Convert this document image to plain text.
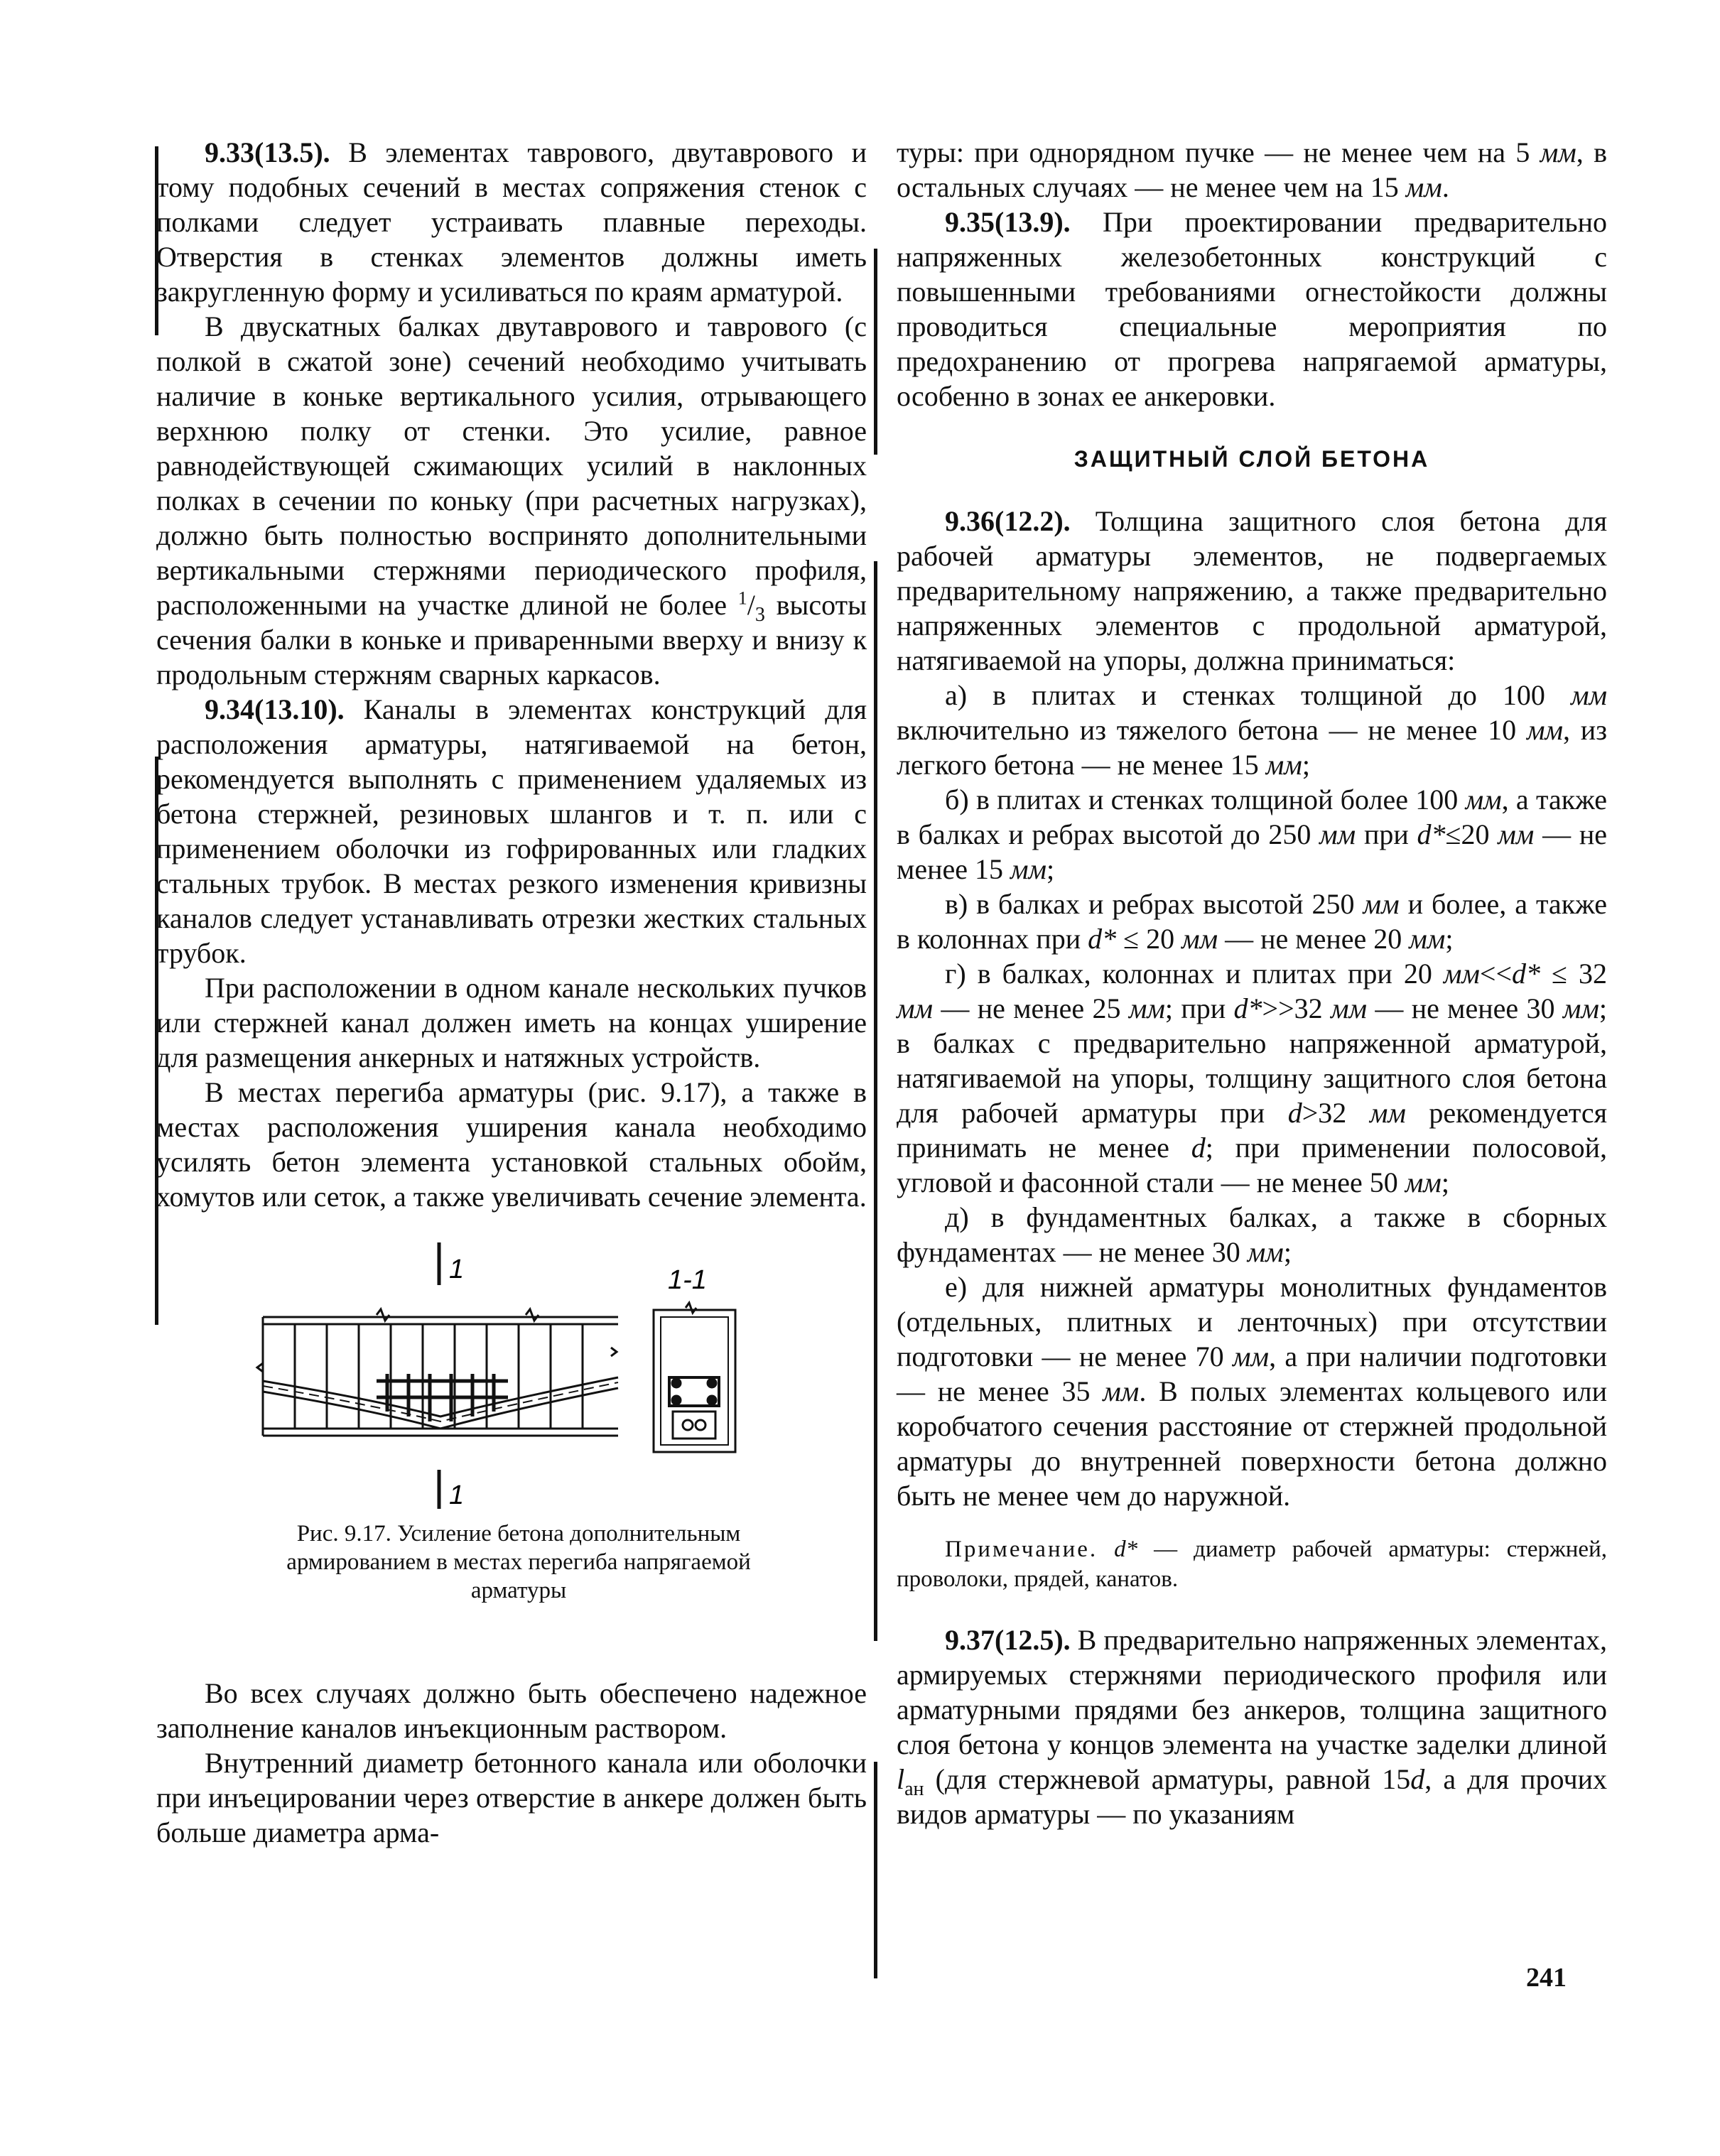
9.33(13.5). В элементах таврового, двутаврового и тому подобных сечений в местах сопряжения стенок с полками следует устраивать плавные переходы. Отверстия в стенках элементов должны иметь закругленную форму и усиливаться по краям арматурой.

В двускатных балках двутаврового и таврового (с полкой в сжатой зоне) сечений необходимо учитывать наличие в коньке вертикального усилия, отрывающего верхнюю полку от стенки. Это усилие, равное равнодействующей сжимающих усилий в наклонных полках в сечении по коньку (при расчетных нагрузках), должно быть полностью воспринято дополнительными вертикальными стержнями периодического профиля, расположенными на участке длиной не более $^1/_3$ высоты сечения балки в коньке и приваренными вверху и внизу к продольным стержням сварных каркасов.

9.34(13.10). Каналы в элементах конструкций для расположения арматуры, натягиваемой на бетон, рекомендуется выполнять с применением удаляемых из бетона стержней, резиновых шлангов и т. п. или с применением оболочки из гофрированных или гладких стальных трубок. В местах резкого изменения кривизны каналов следует устанавливать отрезки жестких стальных трубок.

При расположении в одном канале нескольких пучков или стержней канал должен иметь на концах уширение для размещения анкерных и натяжных устройств.

В местах перегиба арматуры (рис. 9.17), а также в местах расположения уширения канала необходимо усилять бетон элемента установкой стальных обойм, хомутов или сеток, а также увеличивать сечение элемента.

1
1
1-1
Рис. 9.17. Усиление бетона дополнительным армированием в местах перегиба напрягаемой арматуры

Во всех случаях должно быть обеспечено надежное заполнение каналов инъекционным раствором.

Внутренний диаметр бетонного канала или оболочки при инъецировании через отверстие в анкере должен быть больше диаметра арма-

туры: при однорядном пучке — не менее чем на 5 мм, в остальных случаях — не менее чем на 15 мм.

9.35(13.9). При проектировании предварительно напряженных железобетонных конструкций с повышенными требованиями огнестойкости должны проводиться специальные мероприятия по предохранению от прогрева напрягаемой арматуры, особенно в зонах ее анкеровки.

ЗАЩИТНЫЙ СЛОЙ БЕТОНА

9.36(12.2). Толщина защитного слоя бетона для рабочей арматуры элементов, не подвергаемых предварительному напряжению, а также предварительно напряженных элементов с продольной арматурой, натягиваемой на упоры, должна приниматься:

а) в плитах и стенках толщиной до 100 мм включительно из тяжелого бетона — не менее 10 мм, из легкого бетона — не менее 15 мм;

б) в плитах и стенках толщиной более 100 мм, а также в балках и ребрах высотой до 250 мм при d*≤20 мм — не менее 15 мм;

в) в балках и ребрах высотой 250 мм и более, а также в колоннах при d* ≤ 20 мм — не менее 20 мм;

г) в балках, колоннах и плитах при 20 мм<<d* ≤ 32 мм — не менее 25 мм; при d*>>32 мм — не менее 30 мм; в балках с предварительно напряженной арматурой, натягиваемой на упоры, толщину защитного слоя бетона для рабочей арматуры при d>32 мм рекомендуется принимать не менее d; при применении полосовой, угловой и фасонной стали — не менее 50 мм;

д) в фундаментных балках, а также в сборных фундаментах — не менее 30 мм;

е) для нижней арматуры монолитных фундаментов (отдельных, плитных и ленточных) при отсутствии подготовки — не менее 70 мм, а при наличии подготовки — не менее 35 мм. В полых элементах кольцевого или коробчатого сечения расстояние от стержней продольной арматуры до внутренней поверхности бетона должно быть не менее чем до наружной.

Примечание. d* — диаметр рабочей арматуры: стержней, проволоки, прядей, канатов.

9.37(12.5). В предварительно напряженных элементах, армируемых стержнями периодического профиля или арматурными прядями без анкеров, толщина защитного слоя бетона у концов элемента на участке заделки длиной $l_{ан}$ (для стержневой арматуры, равной 15d, а для прочих видов арматуры — по указаниям

241
